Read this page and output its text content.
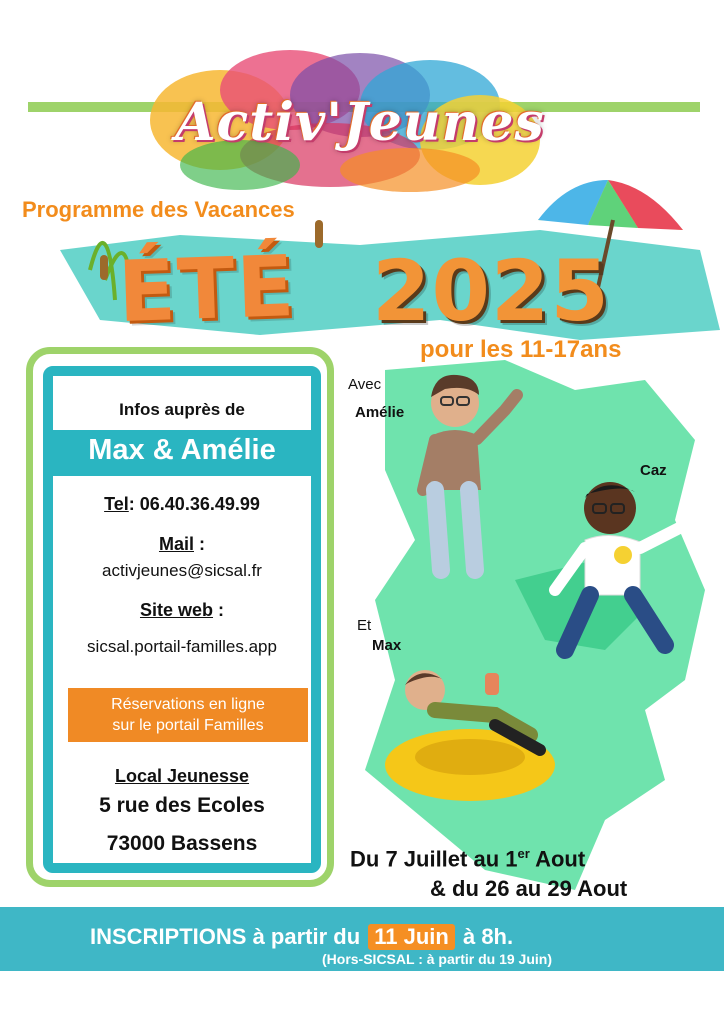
Activ'Jeunes
Programme des Vacances
ÉTÉ 2025
pour les 11-17ans
Infos auprès de
Max & Amélie
Tel: 06.40.36.49.99
Mail :
activjeunes@sicsal.fr
Site web :
sicsal.portail-familles.app
Réservations en ligne
sur le portail Familles
Local Jeunesse
5 rue des Ecoles
73000 Bassens
Avec
Amélie
Caz
Et
Max
Du 7 Juillet au 1er Aout
& du 26 au 29 Aout
INSCRIPTIONS à partir du 11 Juin à 8h.
(Hors-SICSAL : à partir du 19 Juin)
